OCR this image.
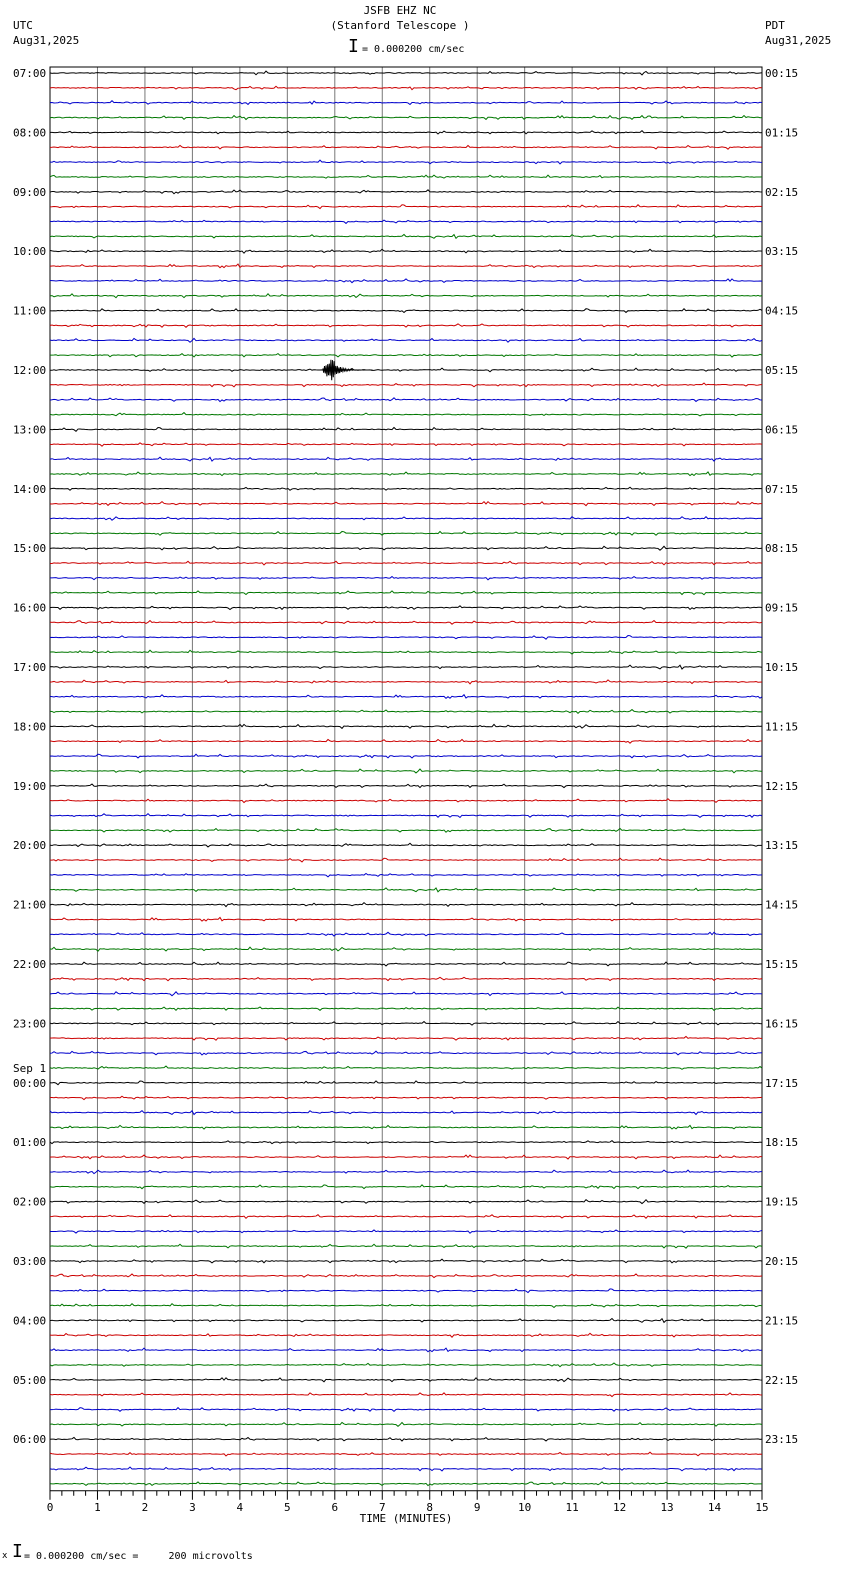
JSFB EHZ NC
(Stanford Telescope )
I = 0.000200 cm/sec
UTC
Aug31,2025
PDT
Aug31,2025
07:00	00:15
08:00	01:15
09:00	02:15
10:00	03:15
11:00	04:15
12:00	05:15
13:00	06:15
14:00	07:15
15:00	08:15
16:00	09:15
17:00	10:15
18:00	11:15
19:00	12:15
20:00	13:15
21:00	14:15
22:00	15:15
23:00	16:15
00:00	17:15
01:00	18:15
02:00	19:15
03:00	20:15
04:00	21:15
05:00	22:15
06:00	23:15
Sep 1
0	1	2	3	4	5	6	7	8	9	10	11	12	13	14	15
TIME (MINUTES)
x I = 0.000200 cm/sec =     200 microvolts
